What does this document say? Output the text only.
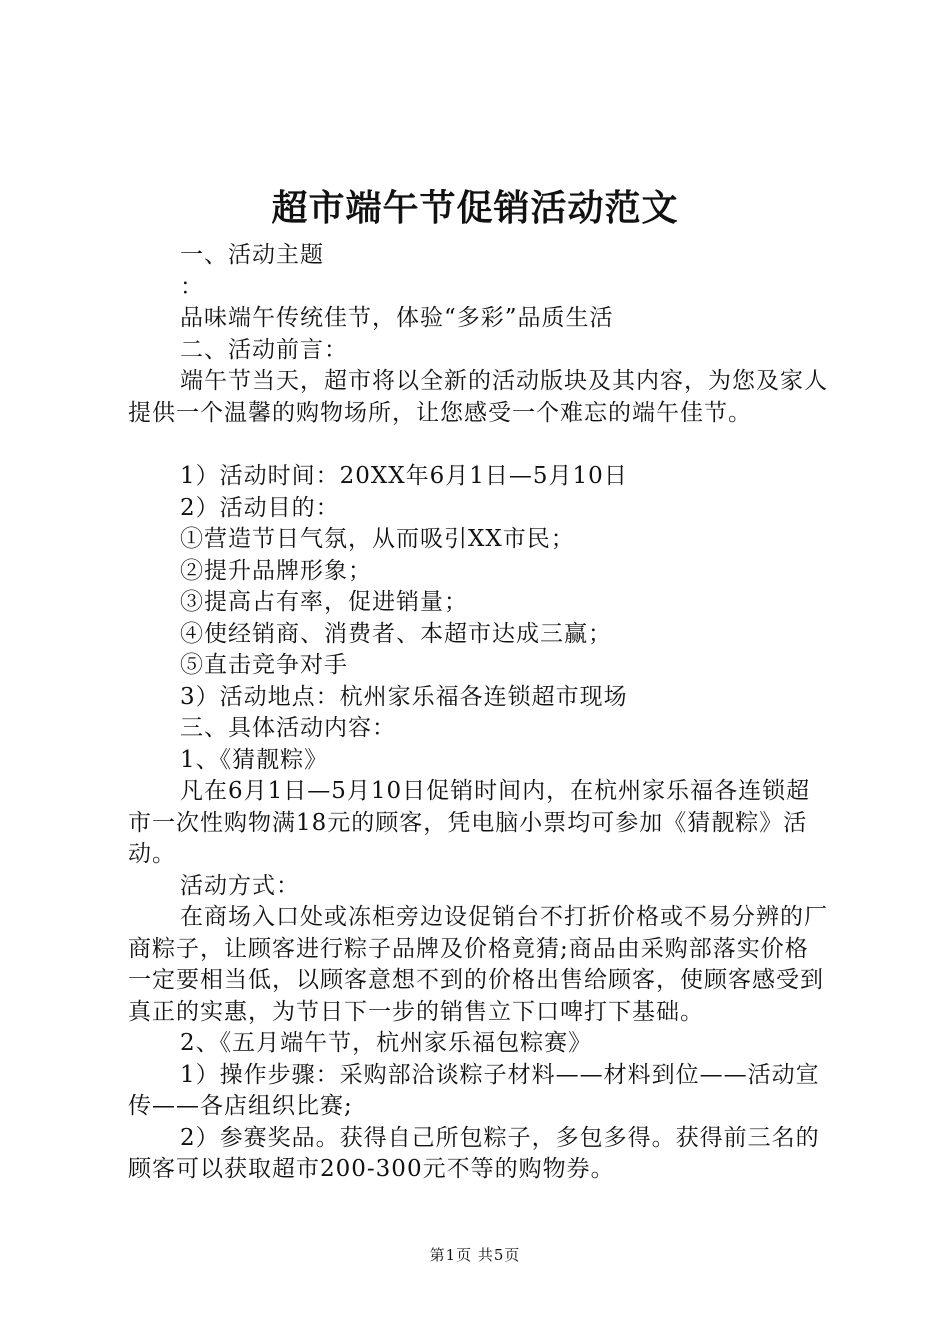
超市端午节促销活动范文

一、活动主题

：

品味端午传统佳节，体验“多彩”品质生活

二、活动前言：

端午节当天，超市将以全新的活动版块及其内容，为您及家人提供一个温馨的购物场所，让您感受一个难忘的端午佳节。

1）活动时间：20XX年6月1日—5月10日

2）活动目的：

①营造节日气氛，从而吸引XX市民；

②提升品牌形象；

③提高占有率，促进销量；

④使经销商、消费者、本超市达成三赢；

⑤直击竞争对手

3）活动地点：杭州家乐福各连锁超市现场

三、具体活动内容：

1、《猜靓粽》

凡在6月1日—5月10日促销时间内，在杭州家乐福各连锁超市一次性购物满18元的顾客，凭电脑小票均可参加《猜靓粽》活动。

活动方式：

在商场入口处或冻柜旁边设促销台不打折价格或不易分辨的厂商粽子，让顾客进行粽子品牌及价格竟猜;商品由采购部落实价格一定要相当低，以顾客意想不到的价格出售给顾客，使顾客感受到真正的实惠，为节日下一步的销售立下口啤打下基础。

2、《五月端午节，杭州家乐福包粽赛》

1）操作步骤：采购部洽谈粽子材料——材料到位——活动宣传——各店组织比赛;

2）参赛奖品。获得自己所包粽子，多包多得。获得前三名的顾客可以获取超市200-300元不等的购物券。

第1页 共5页
